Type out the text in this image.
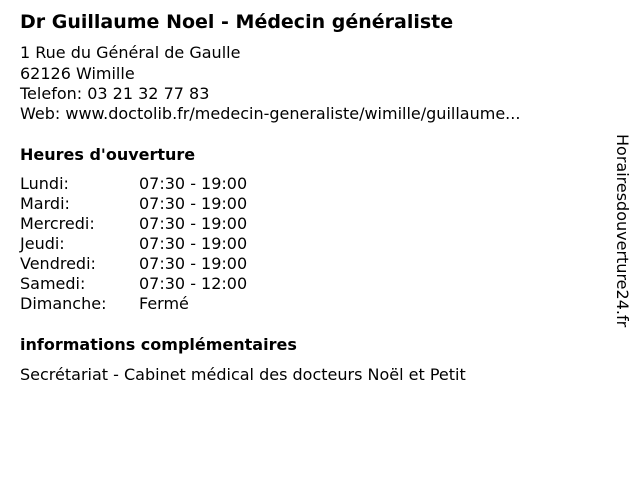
Dr Guillaume Noel - Médecin généraliste
1 Rue du Général de Gaulle
62126 Wimille
Telefon: 03 21 32 77 83
Web: www.doctolib.fr/medecin-generaliste/wimille/guillaume...
Heures d'ouverture
Lundi:	07:30 - 19:00
Mardi:	07:30 - 19:00
Mercredi:	07:30 - 19:00
Jeudi:	07:30 - 19:00
Vendredi:	07:30 - 19:00
Samedi:	07:30 - 12:00
Dimanche: Fermé
informations complémentaires
Secrétariat - Cabinet médical des docteurs Noël et Petit
Horairesdouverture24.fr
